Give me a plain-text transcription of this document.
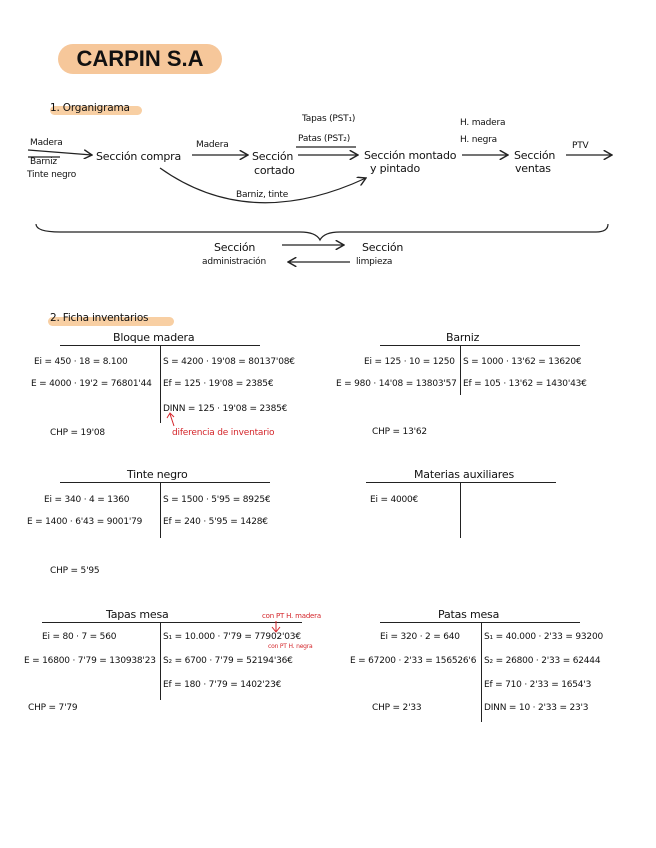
CARPIN S.A
1. Organigrama
Madera
Barniz
Tinte negro
Sección compra
Madera
Sección
cortado
Tapas (PST₁)
Patas (PST₂)
Sección montado
y pintado
H. madera
H. negra
Sección
ventas
PTV
Barniz, tinte
Sección
administración
Sección
limpieza
2. Ficha inventarios
Bloque madera
Ei = 450 · 18 = 8.100
E = 4000 · 19'2 = 76801'44
S = 4200 · 19'08 = 80137'08€
Ef = 125 · 19'08 = 2385€
DINN = 125 · 19'08 = 2385€
diferencia de inventario
CHP = 19'08
Barniz
Ei = 125 · 10 = 1250
E = 980 · 14'08 = 13803'57
S = 1000 · 13'62 = 13620€
Ef = 105 · 13'62 = 1430'43€
CHP = 13'62
Tinte negro
Ei = 340 · 4 = 1360
E = 1400 · 6'43 = 9001'79
S = 1500 · 5'95 = 8925€
Ef = 240 · 5'95 = 1428€
CHP = 5'95
Materias auxiliares
Ei = 4000€
Tapas mesa	con PT H. madera
con PT H. negra
Ei = 80 · 7 = 560
E = 16800 · 7'79 = 130938'23
S₁ = 10.000 · 7'79 = 77902'03€
S₂ = 6700 · 7'79 = 52194'36€
Ef = 180 · 7'79 = 1402'23€
CHP = 7'79
Patas mesa
Ei = 320 · 2 = 640
E = 67200 · 2'33 = 156526'6
S₁ = 40.000 · 2'33 = 93200
S₂ = 26800 · 2'33 = 62444
Ef = 710 · 2'33 = 1654'3
DINN = 10 · 2'33 = 23'3
CHP = 2'33
